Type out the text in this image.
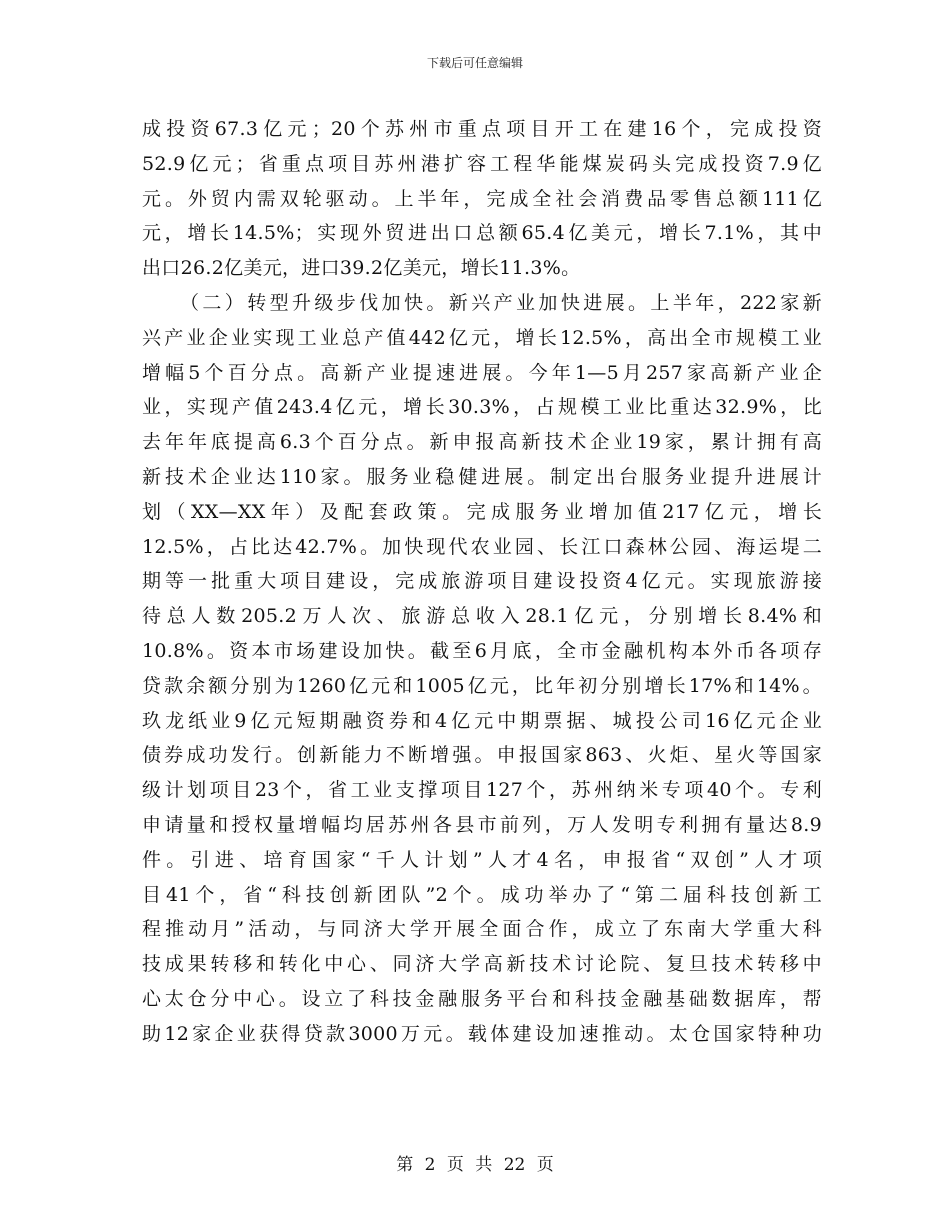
下载后可任意编辑
成投资67.3亿元；20个苏州市重点项目开工在建16个，完成投资
52.9亿元；省重点项目苏州港扩容工程华能煤炭码头完成投资7.9亿
元。外贸内需双轮驱动。上半年，完成全社会消费品零售总额111亿
元，增长14.5%；实现外贸进出口总额65.4亿美元，增长7.1%，其中
出口26.2亿美元，进口39.2亿美元，增长11.3%。
（二）转型升级步伐加快。新兴产业加快进展。上半年，222家新
兴产业企业实现工业总产值442亿元，增长12.5%，高出全市规模工业
增幅5个百分点。高新产业提速进展。今年1—5月257家高新产业企
业，实现产值243.4亿元，增长30.3%，占规模工业比重达32.9%，比
去年年底提高6.3个百分点。新申报高新技术企业19家，累计拥有高
新技术企业达110家。服务业稳健进展。制定出台服务业提升进展计
划（XX—XX年）及配套政策。完成服务业增加值217亿元，增长
12.5%，占比达42.7%。加快现代农业园、长江口森林公园、海运堤二
期等一批重大项目建设，完成旅游项目建设投资4亿元。实现旅游接
待总人数205.2万人次、旅游总收入28.1亿元，分别增长8.4%和
10.8%。资本市场建设加快。截至6月底，全市金融机构本外币各项存
贷款余额分别为1260亿元和1005亿元，比年初分别增长17%和14%。
玖龙纸业9亿元短期融资券和4亿元中期票据、城投公司16亿元企业
债券成功发行。创新能力不断增强。申报国家863、火炬、星火等国家
级计划项目23个，省工业支撑项目127个，苏州纳米专项40个。专利
申请量和授权量增幅均居苏州各县市前列，万人发明专利拥有量达8.9
件。引进、培育国家“千人计划”人才4名，申报省“双创”人才项
目41个，省“科技创新团队”2个。成功举办了“第二届科技创新工
程推动月”活动，与同济大学开展全面合作，成立了东南大学重大科
技成果转移和转化中心、同济大学高新技术讨论院、复旦技术转移中
心太仓分中心。设立了科技金融服务平台和科技金融基础数据库，帮
助12家企业获得贷款3000万元。载体建设加速推动。太仓国家特种功
第 2 页 共 22 页
